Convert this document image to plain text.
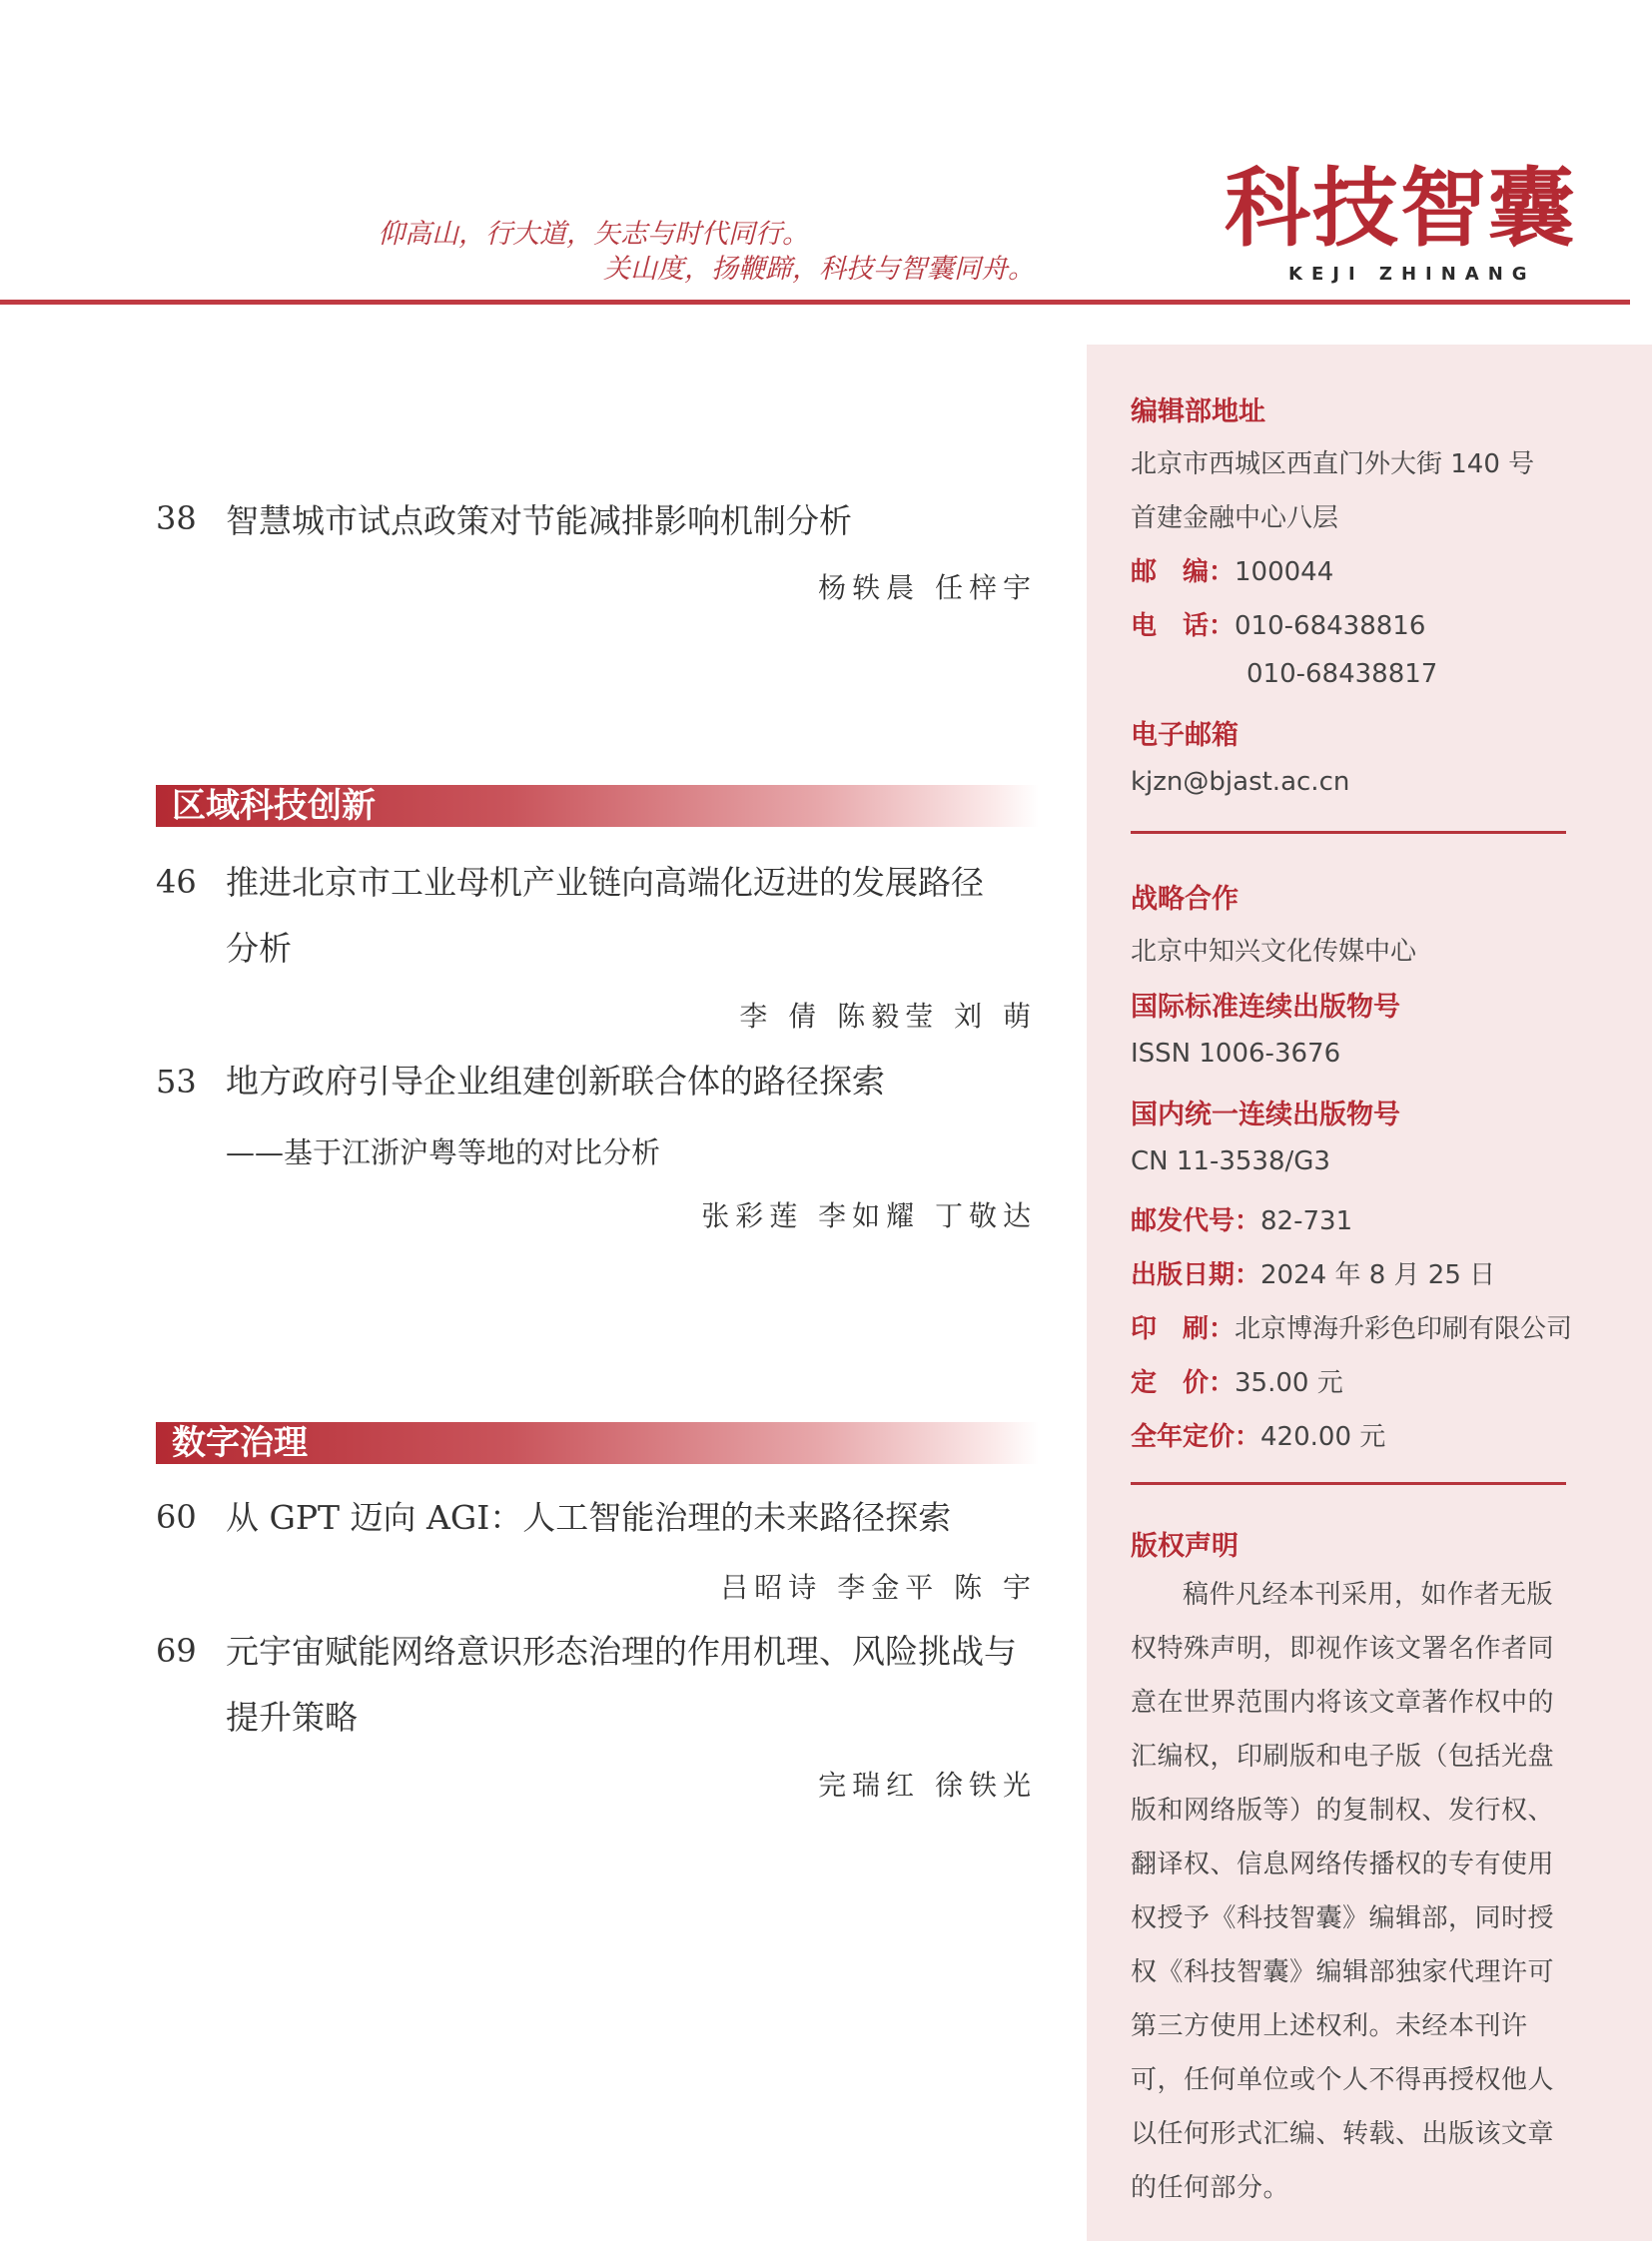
仰高山，行大道，矢志与时代同行。
关山度，扬鞭蹄，科技与智囊同舟。
科技智囊
KEJI ZHINANG
38 智慧城市试点政策对节能减排影响机制分析
杨轶晨 任梓宇
区域科技创新
46 推进北京市工业母机产业链向高端化迈进的发展路径
分析
李 倩 陈毅莹 刘 萌
53 地方政府引导企业组建创新联合体的路径探索
——基于江浙沪粤等地的对比分析
张彩莲 李如耀 丁敬达
数字治理
60 从 GPT 迈向 AGI：人工智能治理的未来路径探索
吕昭诗 李金平 陈 宇
69 元宇宙赋能网络意识形态治理的作用机理、风险挑战与
提升策略
完瑞红 徐铁光
编辑部地址
北京市西城区西直门外大街 140 号
首建金融中心八层
邮　编：100044
电　话：010-68438816
010-68438817
电子邮箱
kjzn@bjast.ac.cn
战略合作
北京中知兴文化传媒中心
国际标准连续出版物号
ISSN 1006-3676
国内统一连续出版物号
CN 11-3538/G3
邮发代号：82-731
出版日期：2024 年 8 月 25 日
印　刷：北京博海升彩色印刷有限公司
定　价：35.00 元
全年定价：420.00 元
版权声明
稿件凡经本刊采用，如作者无版权特殊声明，即视作该文署名作者同意在世界范围内将该文章著作权中的汇编权，印刷版和电子版（包括光盘版和网络版等）的复制权、发行权、翻译权、信息网络传播权的专有使用权授予《科技智囊》编辑部，同时授权《科技智囊》编辑部独家代理许可第三方使用上述权利。未经本刊许可，任何单位或个人不得再授权他人以任何形式汇编、转载、出版该文章的任何部分。
